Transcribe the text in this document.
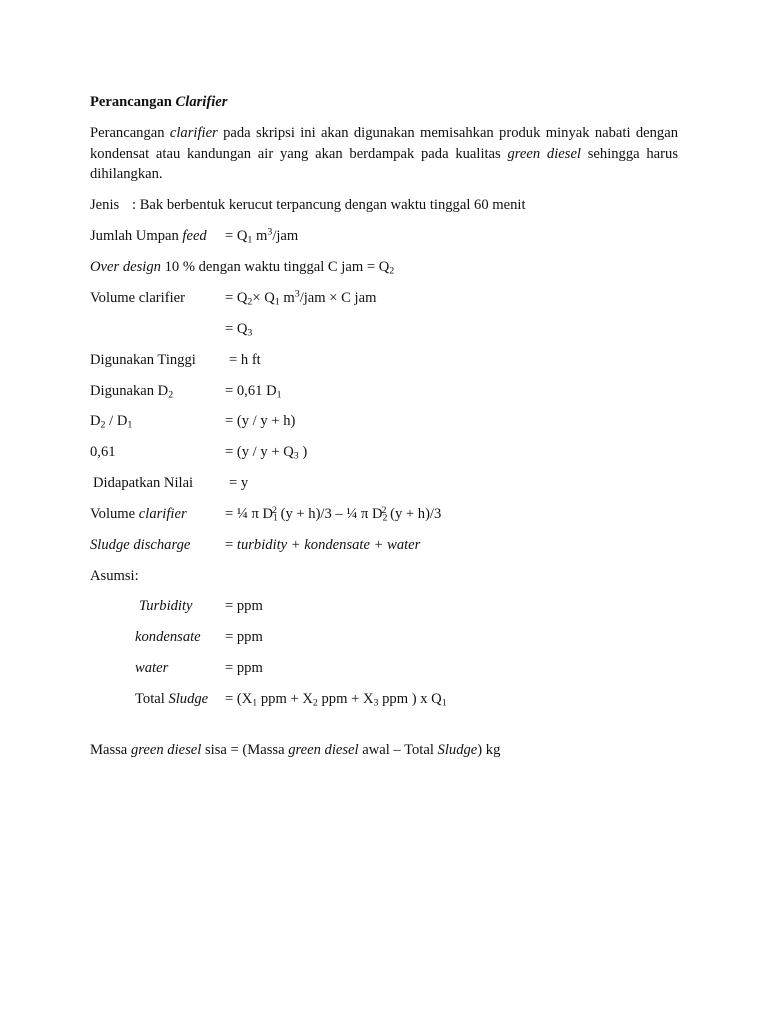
Perancangan Clarifier
Perancangan clarifier pada skripsi ini akan digunakan memisahkan produk minyak nabati dengan kondensat atau kandungan air yang akan berdampak pada kualitas green diesel sehingga harus dihilangkan.
Jenis : Bak berbentuk kerucut terpancung dengan waktu tinggal 60 menit
Jumlah Umpan feed = $Q_1$ $m^3$/jam
Over design 10 % dengan waktu tinggal C jam = $Q_2$
Volume clarifier	= $Q_2\times Q_1$ $m^3$/jam × C jam
= $Q_3$
Digunakan Tinggi = h ft
Digunakan $D_2$	= 0,61 $D_1$
$D_2 / D_1$	= (y / y + h)
0,61	= ($y / y + Q_3$ )
Didapatkan Nilai = y
Volume clarifier	= ¼ π $D_1^2$ (y + h)/3 – ¼ π $D_2^2$ (y + h)/3
Sludge discharge = turbidity + kondensate + water
Asumsi:
Turbidity = ppm
kondensate = ppm
water	= ppm
Total Sludge = ($X_1$ ppm + $X_2$ ppm + $X_3$ ppm ) x $Q_1$
Massa green diesel sisa = (Massa green diesel awal – Total Sludge) kg
